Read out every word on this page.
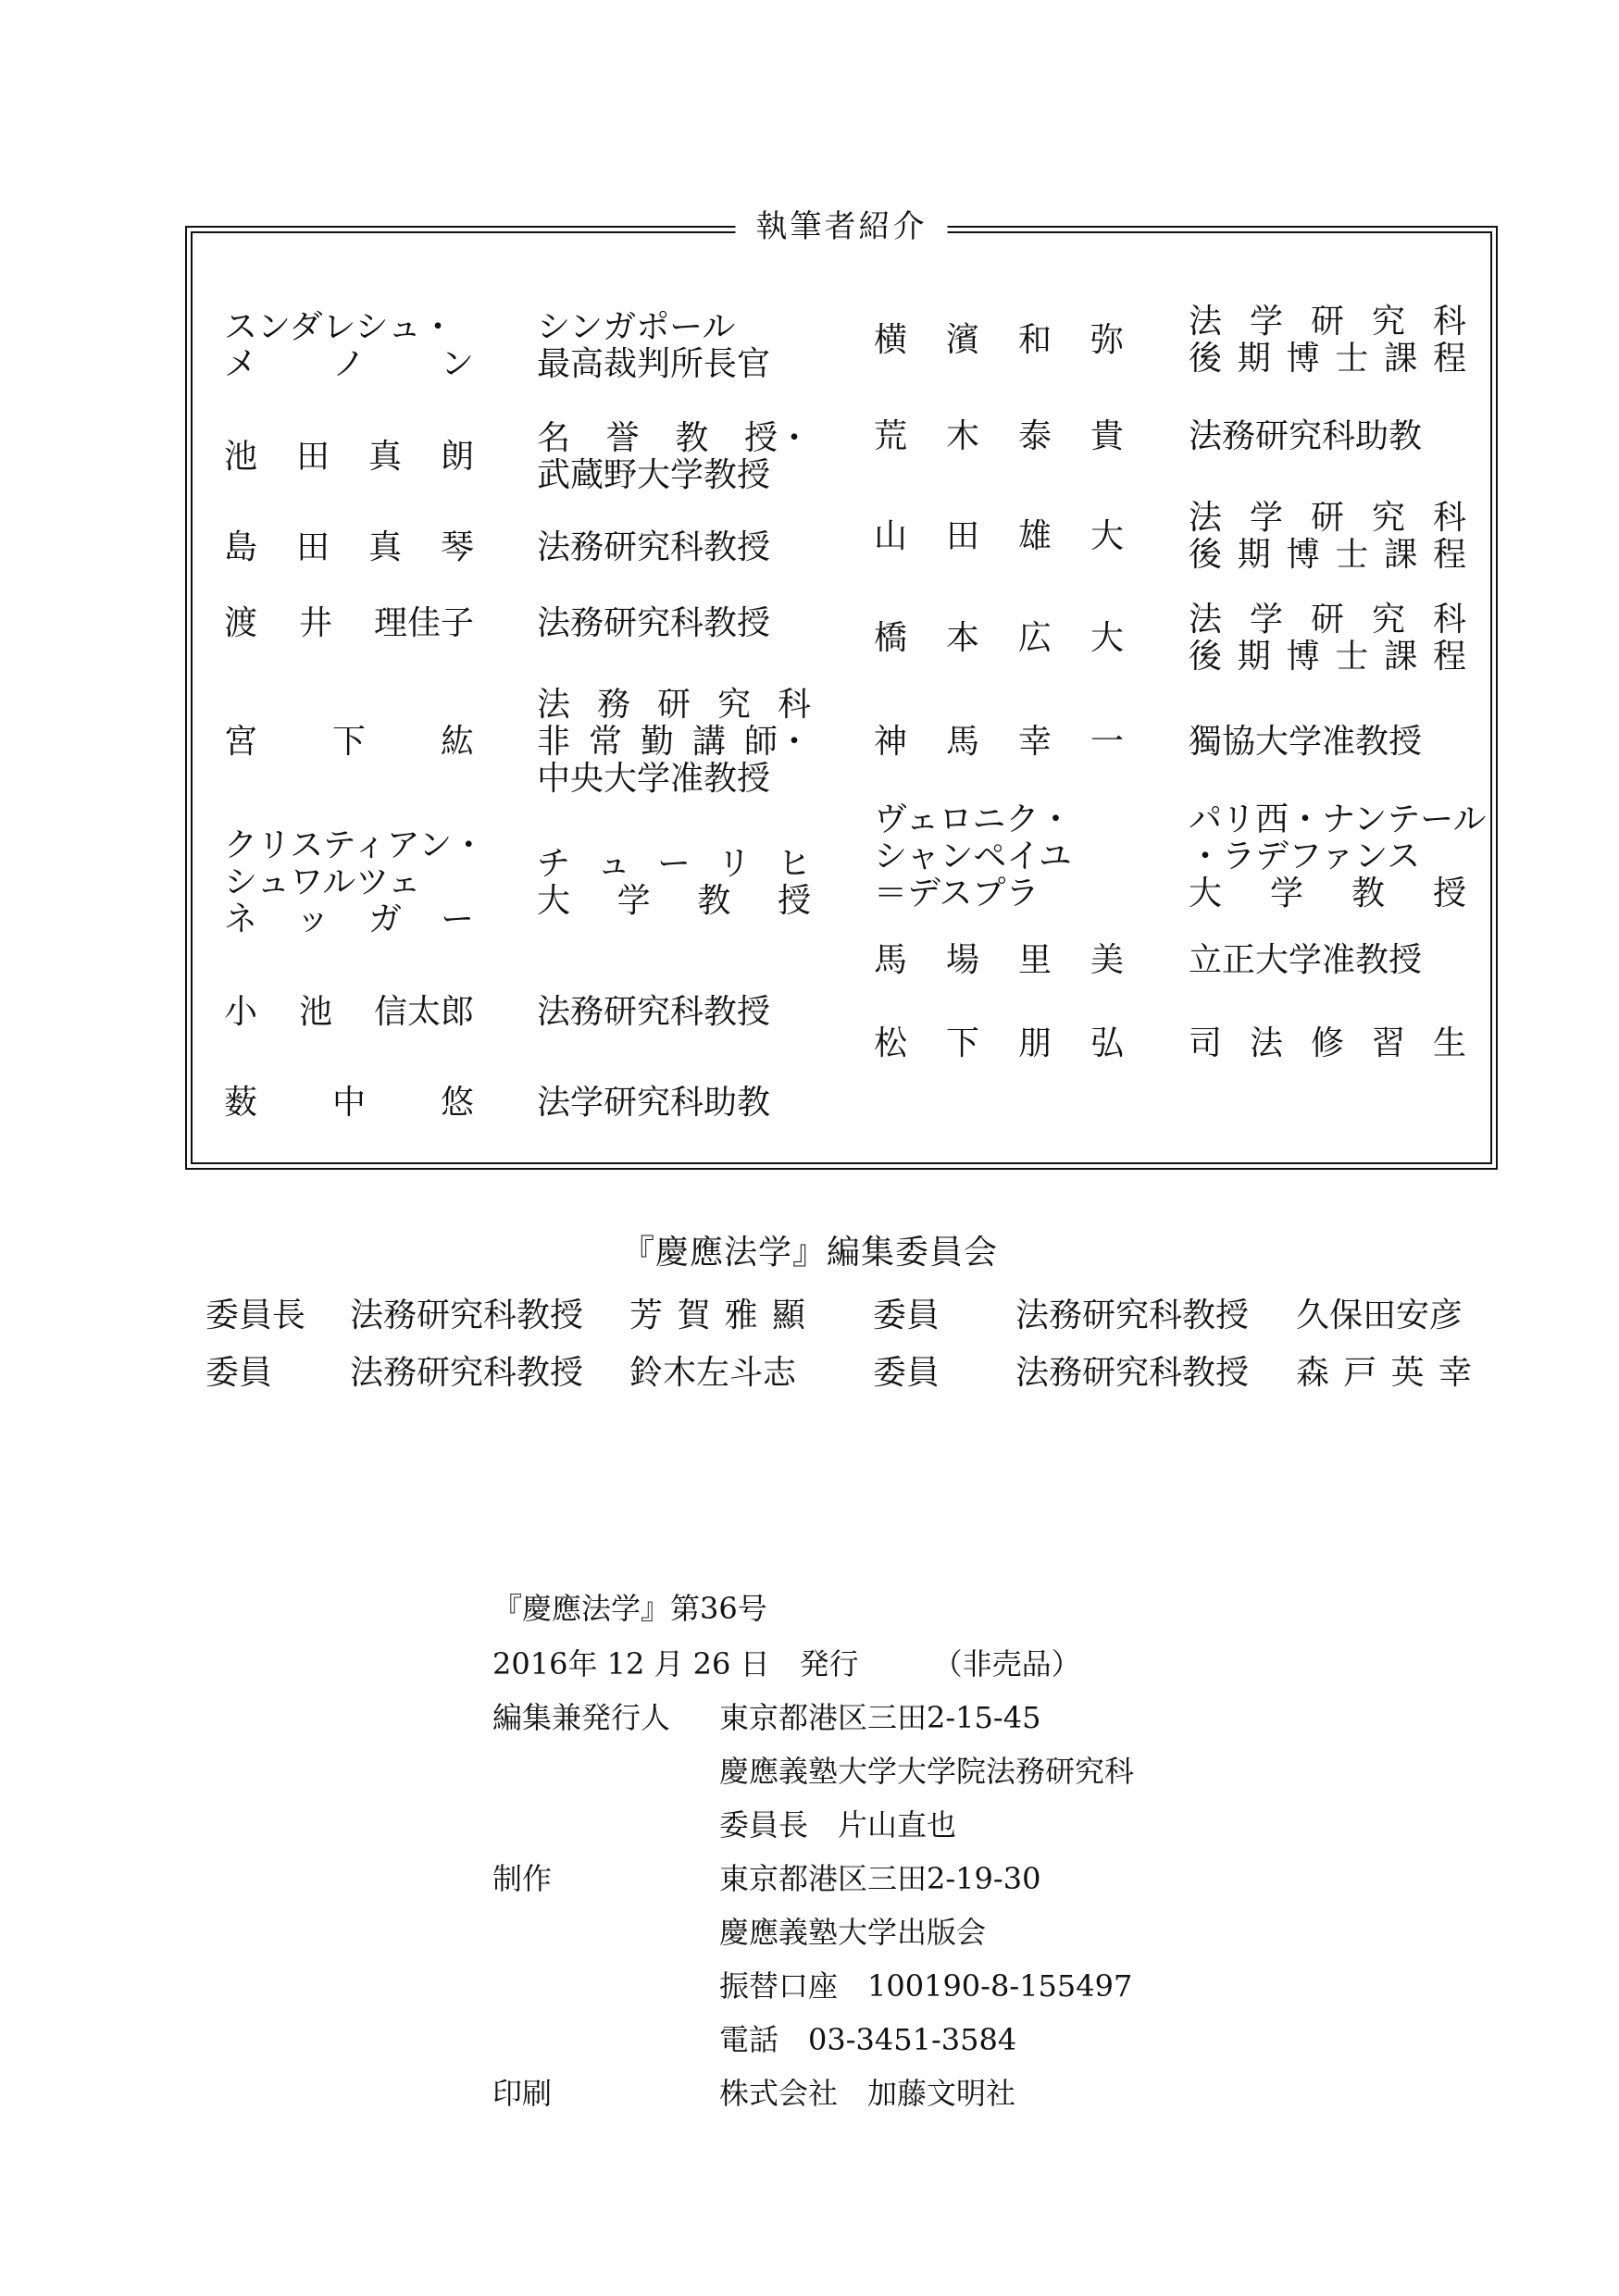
執筆者紹介
スンダレシュ・
メ ノ ン
シンガポール
最高裁判所長官
池 田 真 朗 名 誉 教 授・
武蔵野大学教授
島 田 真 琴 法務研究科教授
渡 井 理佳子 法務研究科教授
宮 下 紘
法 務 研 究 科
非 常 勤 講 師・
中央大学准教授
クリスティアン・
シュワルツェ
ネ ッ ガ ー
チ ュ ー リ ヒ
大 学 教 授
小 池 信太郎 法務研究科教授
薮 中 悠 法学研究科助教
横 濱 和 弥 法 学 研 究 科
後 期 博 士 課 程
荒 木 泰 貴 法務研究科助教
山 田 雄 大 法 学 研 究 科
後 期 博 士 課 程
橋 本 広 大 法 学 研 究 科
後 期 博 士 課 程
神 馬 幸 一 獨協大学准教授
ヴェロニク・
シャンペイユ
＝デスプラ
パリ西・ナンテール
・ラデファンス
大 学 教 授
馬 場 里 美 立正大学准教授
松 下 朋 弘 司 法 修 習 生
『慶應法学』編集委員会
委員長 法務研究科教授 芳 賀 雅 顯 委員 法務研究科教授 久保田安彦
委員 法務研究科教授 鈴木左斗志 委員 法務研究科教授 森 戸 英 幸
『慶應法学』第36号
2016年 12 月 26 日　発行　　　（非売品）
編集兼発行人 東京都港区三田2-15-45
慶應義塾大学大学院法務研究科
委員長　片山直也
制作	東京都港区三田2-19-30
慶應義塾大学出版会
振替口座　100190-8-155497
電話　03-3451-3584
印刷	株式会社　加藤文明社
